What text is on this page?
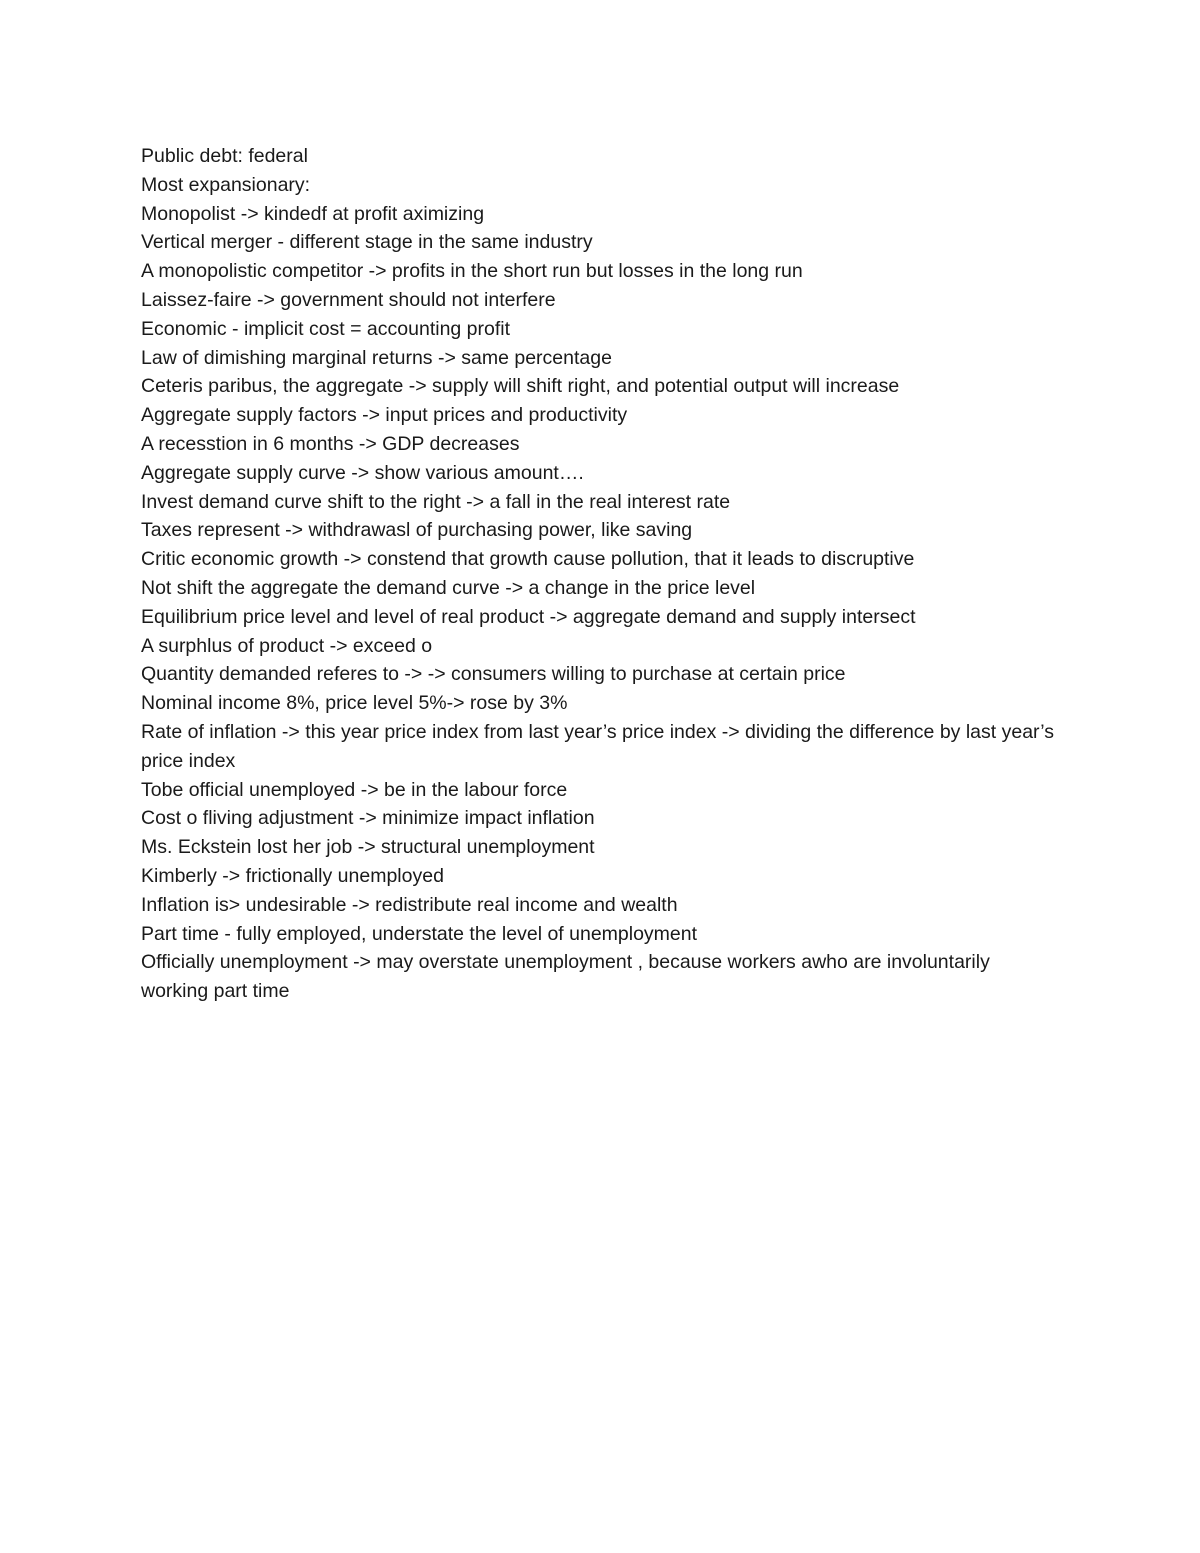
Public debt: federal
Most expansionary:
Monopolist -> kindedf at profit aximizing
Vertical merger - different stage in the same industry
A monopolistic competitor -> profits in the short run but losses in the long run
Laissez-faire -> government should not interfere
Economic - implicit cost = accounting profit
Law of dimishing marginal returns -> same percentage
Ceteris paribus, the aggregate -> supply will shift right, and potential output will increase
Aggregate supply factors -> input prices and productivity
A recesstion in 6 months -> GDP decreases
Aggregate supply curve -> show various amount….
Invest demand curve shift to the right -> a fall in the real interest rate
Taxes represent -> withdrawasl of purchasing power, like saving
Critic economic growth -> constend that growth cause pollution, that it leads to discruptive
Not shift the aggregate the demand curve -> a change in the price level
Equilibrium price level and level of real product -> aggregate demand and supply intersect
A surphlus of product -> exceed o
Quantity demanded referes to -> -> consumers willing to purchase at certain price
Nominal income 8%, price level 5%-> rose by 3%
Rate of inflation -> this year price index from last year’s price index -> dividing the difference by last year’s price index
Tobe official unemployed -> be in the labour force
Cost o fliving adjustment -> minimize impact inflation
Ms. Eckstein lost her job -> structural unemployment
Kimberly -> frictionally unemployed
Inflation is> undesirable -> redistribute real income and wealth
Part time - fully employed, understate the level of unemployment
Officially unemployment -> may overstate unemployment , because workers awho are involuntarily working part time
